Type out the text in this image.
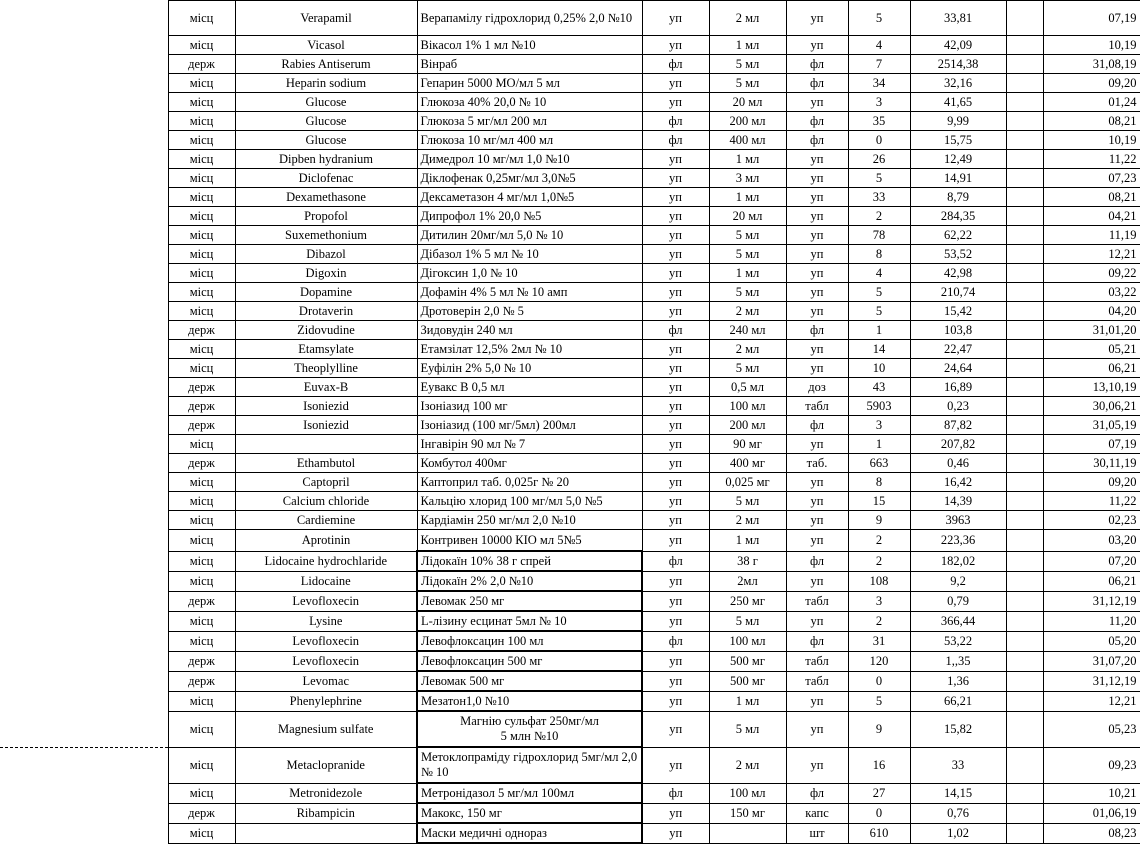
	місц	Verapamil	Верапамілу гідрохлорид 0,25% 2,0 №10	уп	2 мл	уп	5	33,81		07,19
	місц	Vicasol	Вікасол 1% 1 мл №10	уп	1 мл	уп	4	42,09		10,19
	держ	Rabies Antiserum	Вінраб	фл	5 мл	фл	7	2514,38		31,08,19
	місц	Heparin sodium	Гепарин 5000 МО/мл 5 мл	уп	5 мл	фл	34	32,16		09,20
	місц	Glucose	Глюкоза 40% 20,0 № 10	уп	20 мл	уп	3	41,65		01,24
	місц	Glucose	Глюкоза 5 мг/мл 200 мл	фл	200 мл	фл	35	9,99		08,21
	місц	Glucose	Глюкоза 10 мг/мл 400 мл	фл	400 мл	фл	0	15,75		10,19
	місц	Dipben hydranium	Димедрол 10 мг/мл 1,0 №10	уп	1 мл	уп	26	12,49		11,22
	місц	Diclofenac	Діклофенак 0,25мг/мл 3,0№5	уп	3 мл	уп	5	14,91		07,23
	місц	Dexamethasone	Дексаметазон 4 мг/мл 1,0№5	уп	1 мл	уп	33	8,79		08,21
	місц	Propofol	Дипрофол 1% 20,0 №5	уп	20 мл	уп	2	284,35		04,21
	місц	Suxemethonium	Дитилин 20мг/мл 5,0 № 10	уп	5 мл	уп	78	62,22		11,19
	місц	Dibazol	Дібазол 1% 5 мл № 10	уп	5 мл	уп	8	53,52		12,21
	місц	Digoxin	Дігоксин 1,0 № 10	уп	1 мл	уп	4	42,98		09,22
	місц	Dopamine	Дофамін 4% 5 мл № 10 амп	уп	5 мл	уп	5	210,74		03,22
	місц	Drotaverin	Дротоверін 2,0 № 5	уп	2 мл	уп	5	15,42		04,20
	держ	Zidovudine	Зидовудін 240 мл	фл	240 мл	фл	1	103,8		31,01,20
	місц	Etamsylate	Етамзілат 12,5% 2мл № 10	уп	2 мл	уп	14	22,47		05,21
	місц	Theoplylline	Еуфілін 2% 5,0 № 10	уп	5 мл	уп	10	24,64		06,21
	держ	Euvax-B	Еувакс В 0,5 мл	уп	0,5 мл	доз	43	16,89		13,10,19
	держ	Isoniezid	Ізоніазид 100 мг	уп	100 мл	табл	5903	0,23		30,06,21
	держ	Isoniezid	Ізоніазид (100 мг/5мл) 200мл	уп	200 мл	фл	3	87,82		31,05,19
	місц		Інгавірін 90 мл № 7	уп	90 мг	уп	1	207,82		07,19
	держ	Ethambutol	Комбутол 400мг	уп	400 мг	таб.	663	0,46		30,11,19
	місц	Captopril	Каптоприл таб. 0,025г № 20	уп	0,025 мг	уп	8	16,42		09,20
	місц	Calcium chloride	Кальцію хлорид 100 мг/мл 5,0 №5	уп	5 мл	уп	15	14,39		11,22
	місц	Cardiemine	Кардіамін 250 мг/мл 2,0 №10	уп	2 мл	уп	9	3963		02,23
	місц	Aprotinin	Контривен 10000 КІО мл 5№5	уп	1 мл	уп	2	223,36		03,20
	місц	Lidocaine hydrochlaride	Лідокаїн 10% 38 г спрей	фл	38 г	фл	2	182,02		07,20
	місц	Lidocaine	Лідокаїн 2% 2,0 №10	уп	2мл	уп	108	9,2		06,21
	держ	Levofloxecin	Левомак 250 мг	уп	250 мг	табл	3	0,79		31,12,19
	місц	Lysine	L-лізину есцинат 5мл № 10	уп	5 мл	уп	2	366,44		11,20
	місц	Levofloxecin	Левофлоксацин 100 мл	фл	100 мл	фл	31	53,22		05,20
	держ	Levofloxecin	Левофлоксацин 500 мг	уп	500 мг	табл	120	1,,35		31,07,20
	держ	Levomac	Левомак 500 мг	уп	500 мг	табл	0	1,36		31,12,19
	місц	Phenylephrine	Мезатон1,0 №10	уп	1 мл	уп	5	66,21		12,21
	місц	Magnesium sulfate	Магнію сульфат 250мг/мл
5 млн №10	уп	5 мл	уп	9	15,82		05,23
	місц	Metaclopranide	Метоклопраміду гідрохлорид 5мг/мл 2,0 № 10	уп	2 мл	уп	16	33		09,23
	місц	Metronidezole	Метронідазол 5 мг/мл 100мл	фл	100 мл	фл	27	14,15		10,21
	держ	Ribampicin	Макокс, 150 мг	уп	150 мг	капс	0	0,76		01,06,19
	місц		Маски медичні однораз	уп		шт	610	1,02		08,23
